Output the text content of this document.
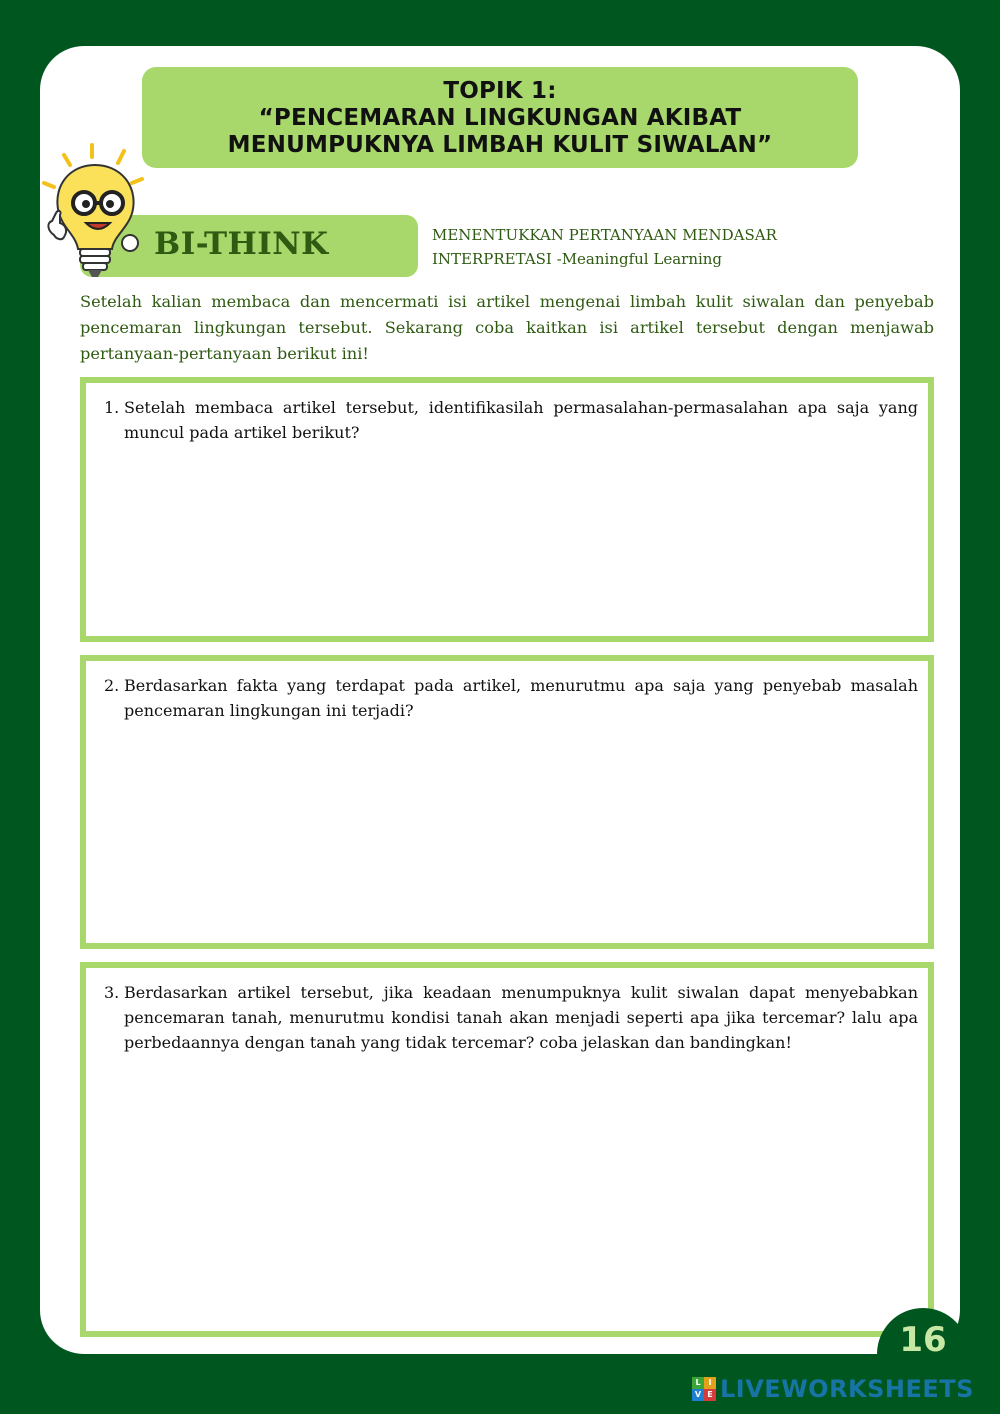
TOPIK 1:
“PENCEMARAN LINGKUNGAN AKIBAT
MENUMPUKNYA LIMBAH KULIT SIWALAN”
BI-THINK	MENENTUKKAN PERTANYAAN MENDASAR
INTERPRETASI -Meaningful Learning
Setelah kalian membaca dan mencermati isi artikel mengenai limbah kulit siwalan dan penyebab pencemaran lingkungan tersebut. Sekarang coba kaitkan isi artikel tersebut dengan menjawab pertanyaan-pertanyaan berikut ini!
1. Setelah membaca artikel tersebut, identifikasilah permasalahan-permasalahan apa saja yang muncul pada artikel berikut?
2. Berdasarkan fakta yang terdapat pada artikel, menurutmu apa saja yang penyebab masalah pencemaran lingkungan ini terjadi?
3. Berdasarkan artikel tersebut, jika keadaan menumpuknya kulit siwalan dapat menyebabkan pencemaran tanah, menurutmu kondisi tanah akan menjadi seperti apa jika tercemar? lalu apa perbedaannya dengan tanah yang tidak tercemar? coba jelaskan dan bandingkan!
16
L I
V E LIVEWORKSHEETS
